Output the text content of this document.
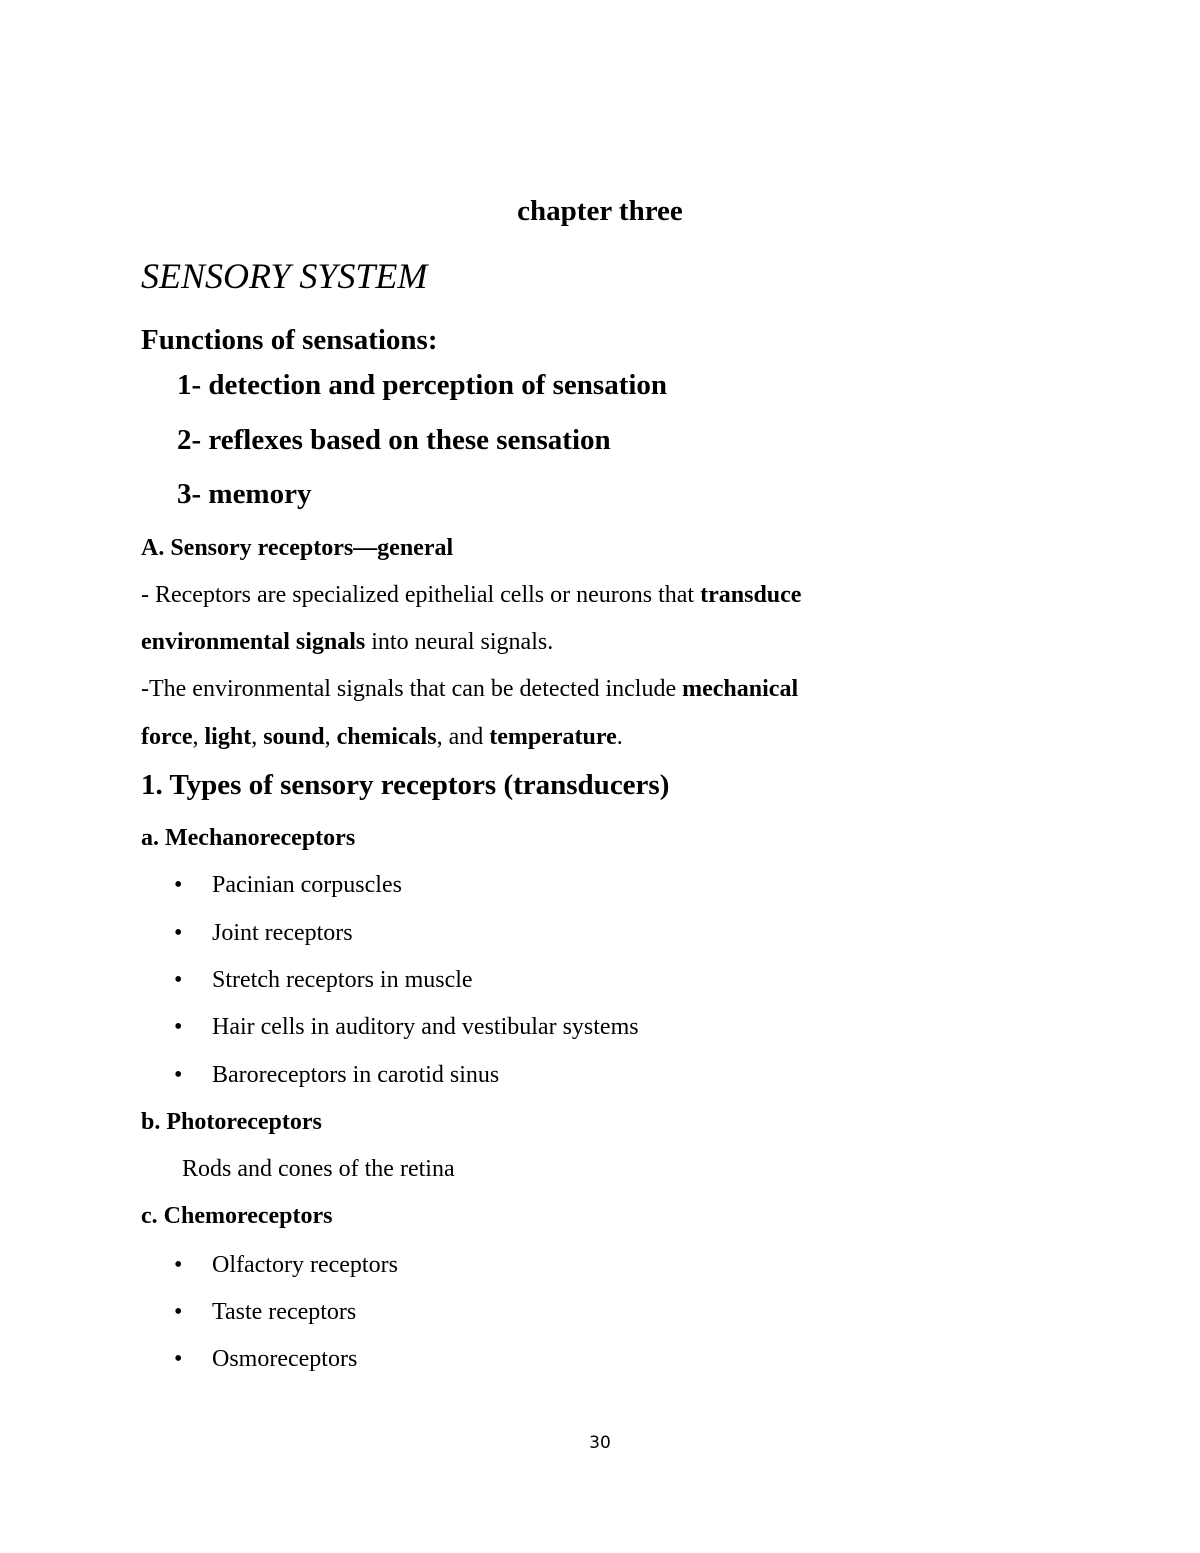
chapter three
SENSORY SYSTEM
Functions of sensations:
1- detection and perception of sensation
2- reflexes based on these sensation
3- memory
A. Sensory receptors—general
- Receptors are specialized epithelial cells or neurons that transduce
environmental signals into neural signals.
-The environmental signals that can be detected include mechanical
force, light, sound, chemicals, and temperature.
1. Types of sensory receptors (transducers)
a. Mechanoreceptors
• Pacinian corpuscles
• Joint receptors
• Stretch receptors in muscle
• Hair cells in auditory and vestibular systems
• Baroreceptors in carotid sinus
b. Photoreceptors
Rods and cones of the retina
c. Chemoreceptors
• Olfactory receptors
• Taste receptors
• Osmoreceptors
30
